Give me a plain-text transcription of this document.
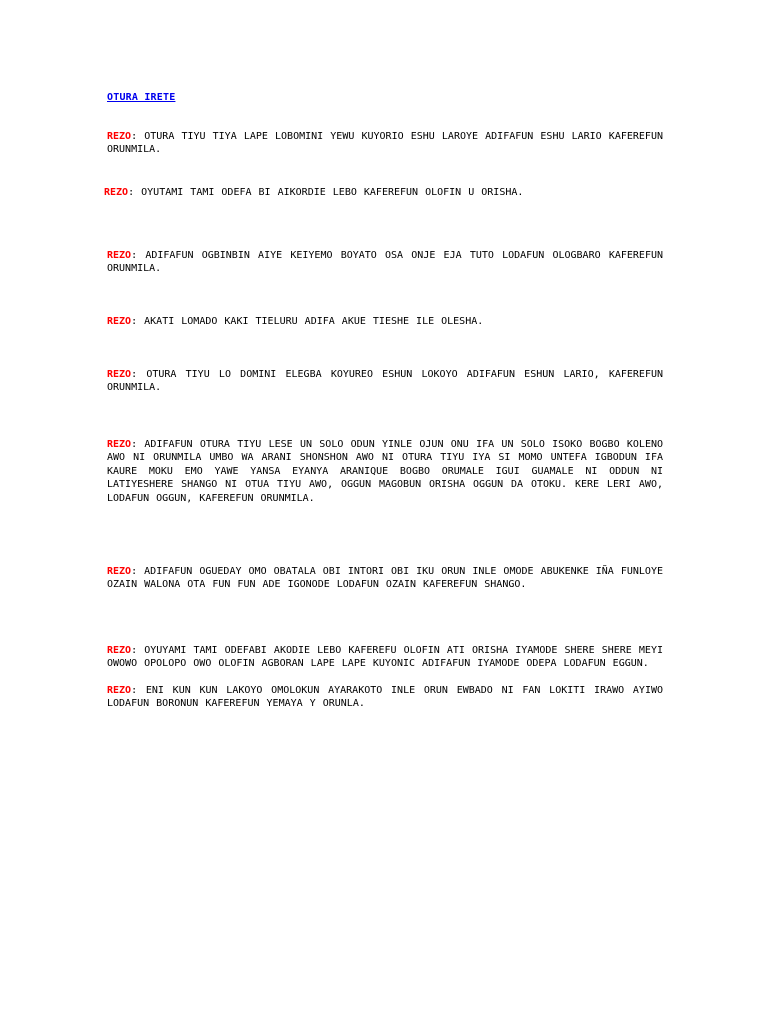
OTURA IRETE

REZO: OTURA TIYU TIYA LAPE LOBOMINI YEWU KUYORIO ESHU LAROYE ADIFAFUN ESHU LARIO KAFEREFUN ORUNMILA.

REZO: OYUTAMI TAMI ODEFA BI AIKORDIE LEBO KAFEREFUN OLOFIN U ORISHA.

REZO: ADIFAFUN OGBINBIN AIYE KEIYEMO BOYATO OSA ONJE EJA TUTO LODAFUN OLOGBARO KAFEREFUN ORUNMILA.

REZO: AKATI LOMADO KAKI TIELURU ADIFA AKUE TIESHE ILE OLESHA.

REZO: OTURA TIYU LO DOMINI ELEGBA KOYUREO ESHUN LOKOYO ADIFAFUN ESHUN LARIO, KAFEREFUN ORUNMILA.

REZO: ADIFAFUN OTURA TIYU LESE UN SOLO ODUN YINLE OJUN ONU IFA UN SOLO ISOKO BOGBO KOLENO AWO NI ORUNMILA UMBO WA ARANI SHONSHON AWO NI OTURA TIYU IYA SI MOMO UNTEFA IGBODUN IFA KAURE MOKU EMO YAWE YANSA EYANYA ARANIQUE BOGBO ORUMALE IGUI GUAMALE NI ODDUN NI LATIYESHERE SHANGO NI OTUA TIYU AWO, OGGUN MAGOBUN ORISHA OGGUN DA OTOKU. KERE LERI AWO, LODAFUN OGGUN, KAFEREFUN ORUNMILA.

REZO: ADIFAFUN OGUEDAY OMO OBATALA OBI INTORI OBI IKU ORUN INLE OMODE ABUKENKE IÑA FUNLOYE OZAIN WALONA OTA FUN FUN ADE IGONODE LODAFUN OZAIN KAFEREFUN SHANGO.

REZO: OYUYAMI TAMI ODEFABI AKODIE LEBO KAFEREFU OLOFIN ATI ORISHA IYAMODE SHERE SHERE MEYI OWOWO OPOLOPO OWO OLOFIN AGBORAN LAPE LAPE KUYONIC ADIFAFUN IYAMODE ODEPA LODAFUN EGGUN.

REZO: ENI KUN KUN LAKOYO OMOLOKUN AYARAKOTO INLE ORUN EWBADO NI FAN LOKITI IRAWO AYIWO LODAFUN BORONUN KAFEREFUN YEMAYA Y ORUNLA.
